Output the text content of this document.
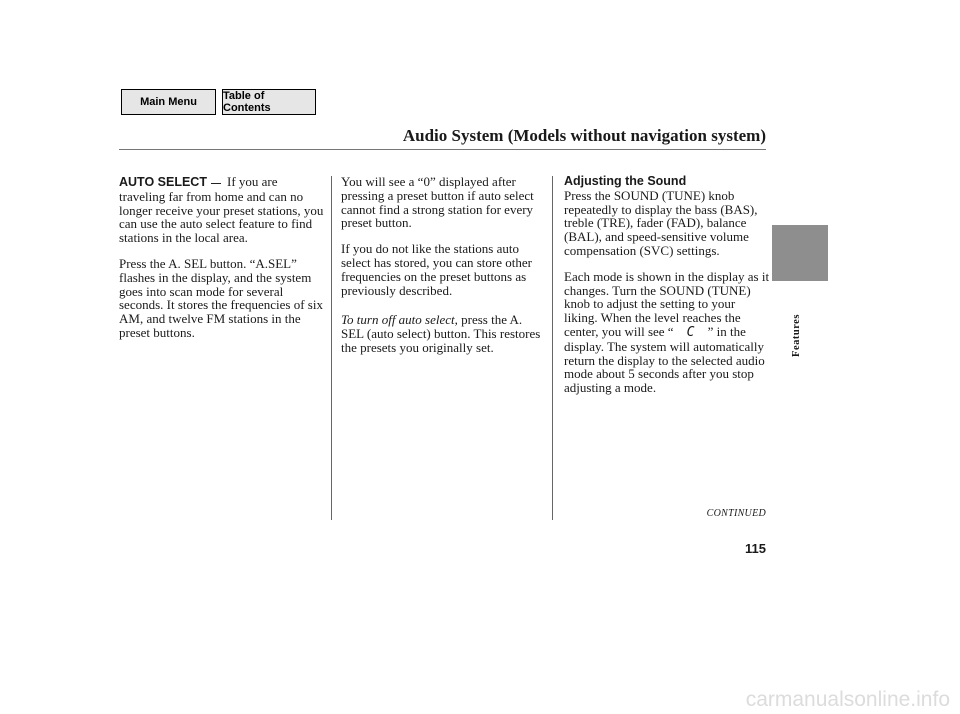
Main Menu	Table of Contents
Audio System (Models without navigation system)

AUTO SELECT If you are traveling far from home and can no longer receive your preset stations, you can use the auto select feature to find stations in the local area.

Press the A. SEL button. “A.SEL” flashes in the display, and the system goes into scan mode for several seconds. It stores the frequencies of six AM, and twelve FM stations in the preset buttons.

You will see a “0” displayed after pressing a preset button if auto select cannot find a strong station for every preset button.

If you do not like the stations auto select has stored, you can store other frequencies on the preset buttons as previously described.

To turn off auto select, press the A. SEL (auto select) button. This restores the presets you originally set.

Adjusting the Sound

Press the SOUND (TUNE) knob repeatedly to display the bass (BAS), treble (TRE), fader (FAD), balance (BAL), and speed-sensitive volume compensation (SVC) settings.

Each mode is shown in the display as it changes. Turn the SOUND (TUNE) knob to adjust the setting to your liking. When the level reaches the center, you will see “ C ” in the display. The system will automatically return the display to the selected audio mode about 5 seconds after you stop adjusting a mode.

CONTINUED
115
Features
carmanualsonline.info
